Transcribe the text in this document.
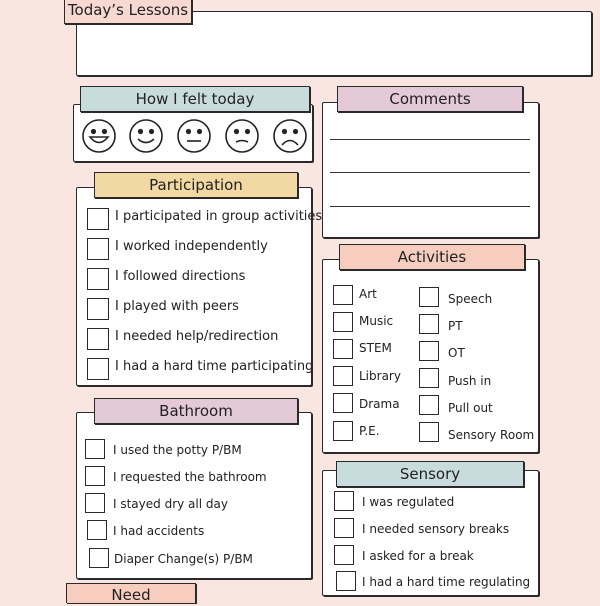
Today’s Lessons
How I felt today	Comments
Participation
I participated in group activities
I worked independently
I followed directions
I played with peers
I needed help/redirection
I had a hard time participating
Activities
Art
Music
STEM
Library
Drama
P.E.
Speech
PT
OT
Push in
Pull out
Sensory Room
Bathroom
I used the potty P/BM
I requested the bathroom
I stayed dry all day
I had accidents
Diaper Change(s) P/BM
Sensory
I was regulated
I needed sensory breaks
I asked for a break
I had a hard time regulating
Need
